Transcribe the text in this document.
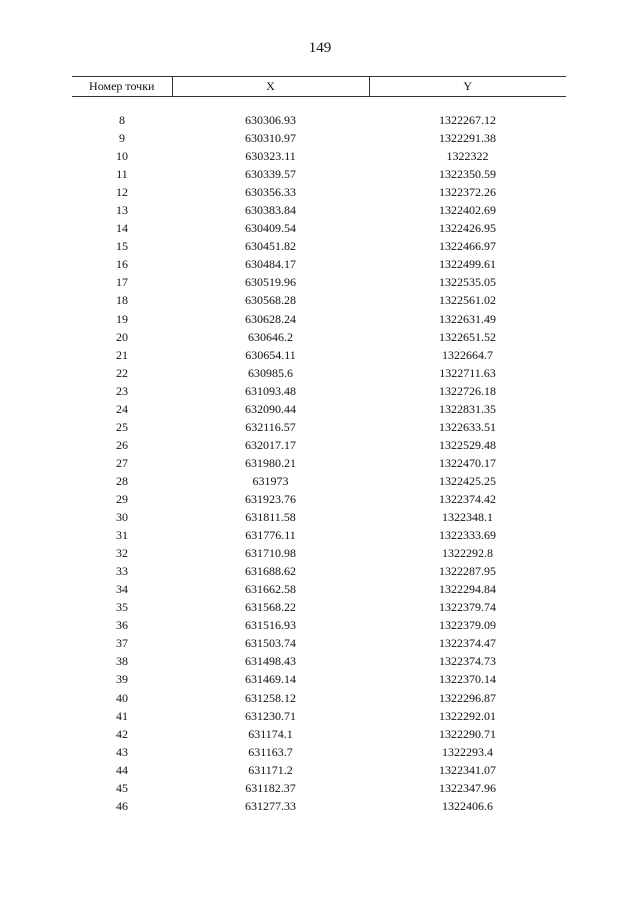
149
Номер точки	X	Y

8	630306.93	1322267.12
9	630310.97	1322291.38
10	630323.11	1322322
11	630339.57	1322350.59
12	630356.33	1322372.26
13	630383.84	1322402.69
14	630409.54	1322426.95
15	630451.82	1322466.97
16	630484.17	1322499.61
17	630519.96	1322535.05
18	630568.28	1322561.02
19	630628.24	1322631.49
20	630646.2	1322651.52
21	630654.11	1322664.7
22	630985.6	1322711.63
23	631093.48	1322726.18
24	632090.44	1322831.35
25	632116.57	1322633.51
26	632017.17	1322529.48
27	631980.21	1322470.17
28	631973	1322425.25
29	631923.76	1322374.42
30	631811.58	1322348.1
31	631776.11	1322333.69
32	631710.98	1322292.8
33	631688.62	1322287.95
34	631662.58	1322294.84
35	631568.22	1322379.74
36	631516.93	1322379.09
37	631503.74	1322374.47
38	631498.43	1322374.73
39	631469.14	1322370.14
40	631258.12	1322296.87
41	631230.71	1322292.01
42	631174.1	1322290.71
43	631163.7	1322293.4
44	631171.2	1322341.07
45	631182.37	1322347.96
46	631277.33	1322406.6
